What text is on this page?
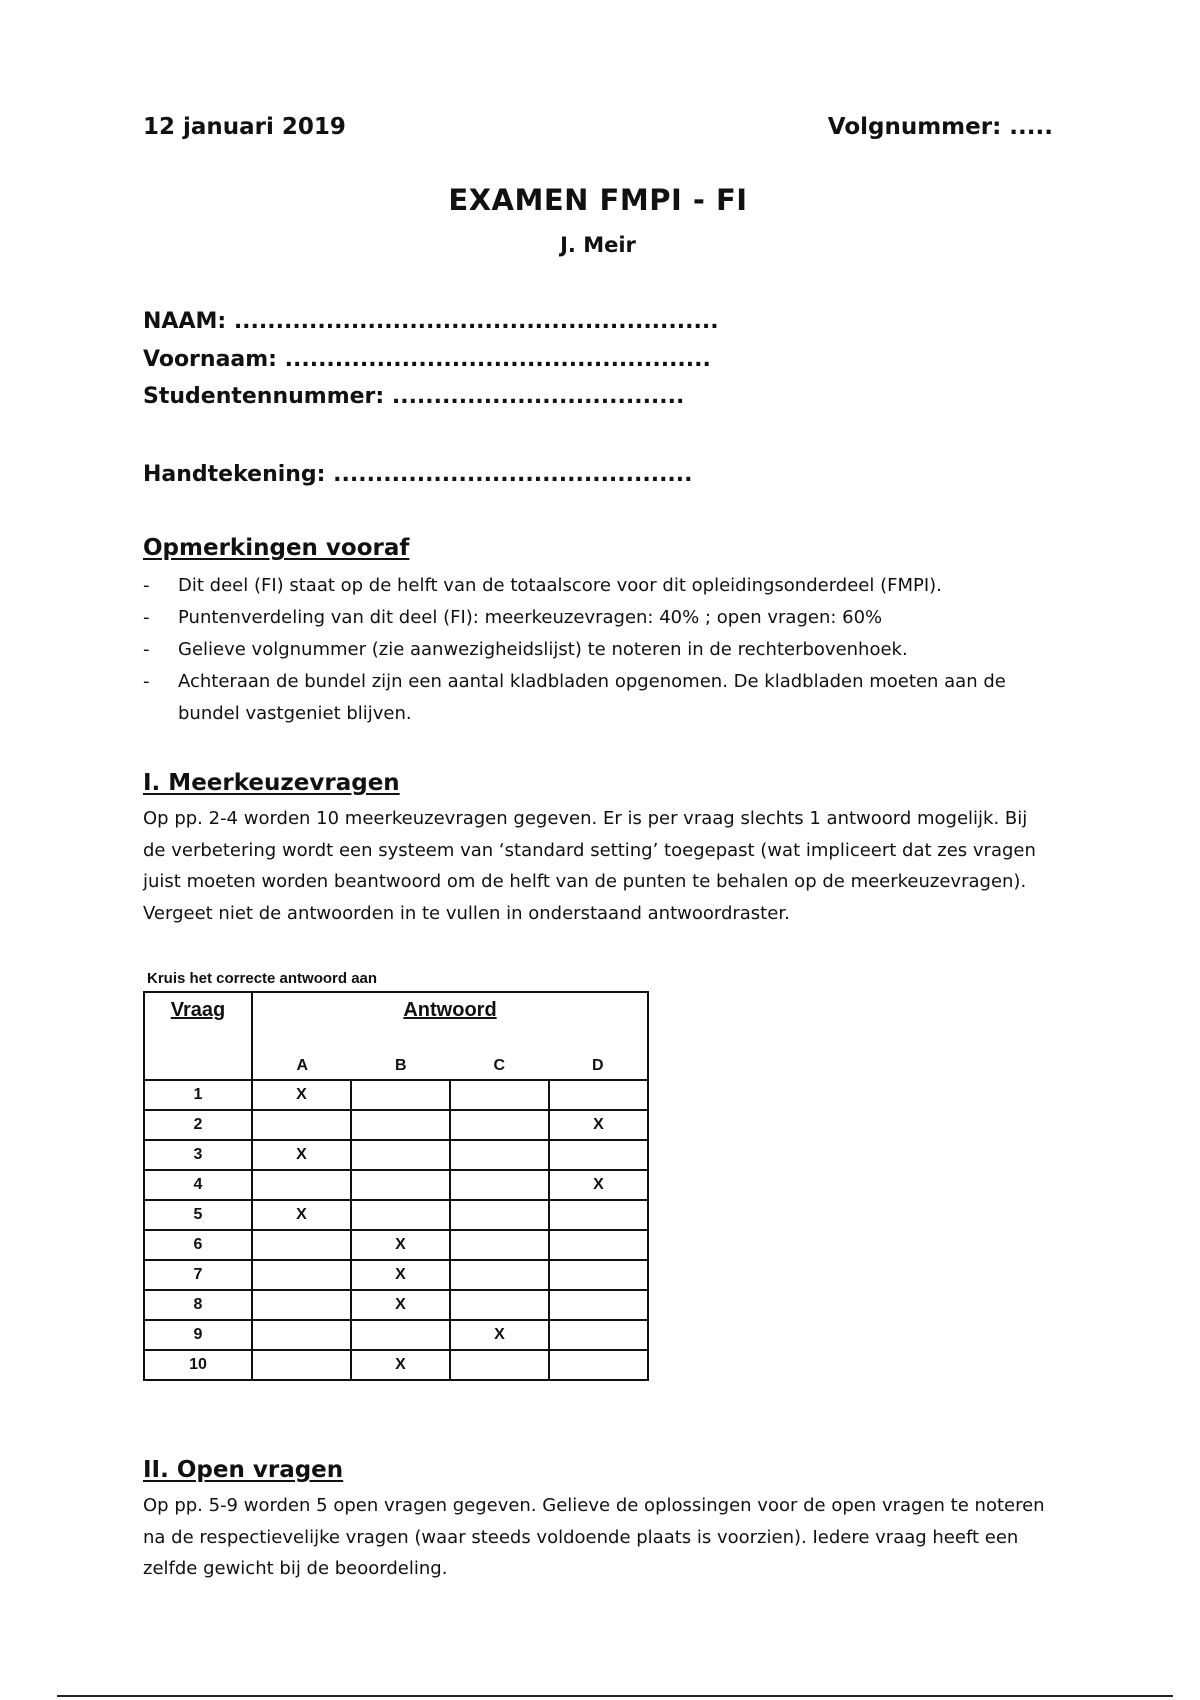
12 januari 2019	Volgnummer: .....
EXAMEN FMPI - FI
J. Meir
NAAM: ..........................................................
Voornaam: ...................................................
Studentennummer: ...................................
Handtekening: ...........................................
Opmerkingen vooraf
- Dit deel (FI) staat op de helft van de totaalscore voor dit opleidingsonderdeel (FMPI).
- Puntenverdeling van dit deel (FI): meerkeuzevragen: 40% ; open vragen: 60%
- Gelieve volgnummer (zie aanwezigheidslijst) te noteren in de rechterbovenhoek.
- Achteraan de bundel zijn een aantal kladbladen opgenomen. De kladbladen moeten aan de bundel vastgeniet blijven.
I. Meerkeuzevragen

Op pp. 2-4 worden 10 meerkeuzevragen gegeven. Er is per vraag slechts 1 antwoord mogelijk. Bij de verbetering wordt een systeem van ‘standard setting’ toegepast (wat impliceert dat zes vragen juist moeten worden beantwoord om de helft van de punten te behalen op de meerkeuzevragen). Vergeet niet de antwoorden in te vullen in onderstaand antwoordraster.

Kruis het correcte antwoord aan
Vraag	Antwoord
A B C D			

1	X			
2				X
3	X			
4				X
5	X			
6		X		
7		X		
8		X		
9			X	
10		X		
II. Open vragen

Op pp. 5-9 worden 5 open vragen gegeven. Gelieve de oplossingen voor de open vragen te noteren na de respectievelijke vragen (waar steeds voldoende plaats is voorzien). Iedere vraag heeft een zelfde gewicht bij de beoordeling.
